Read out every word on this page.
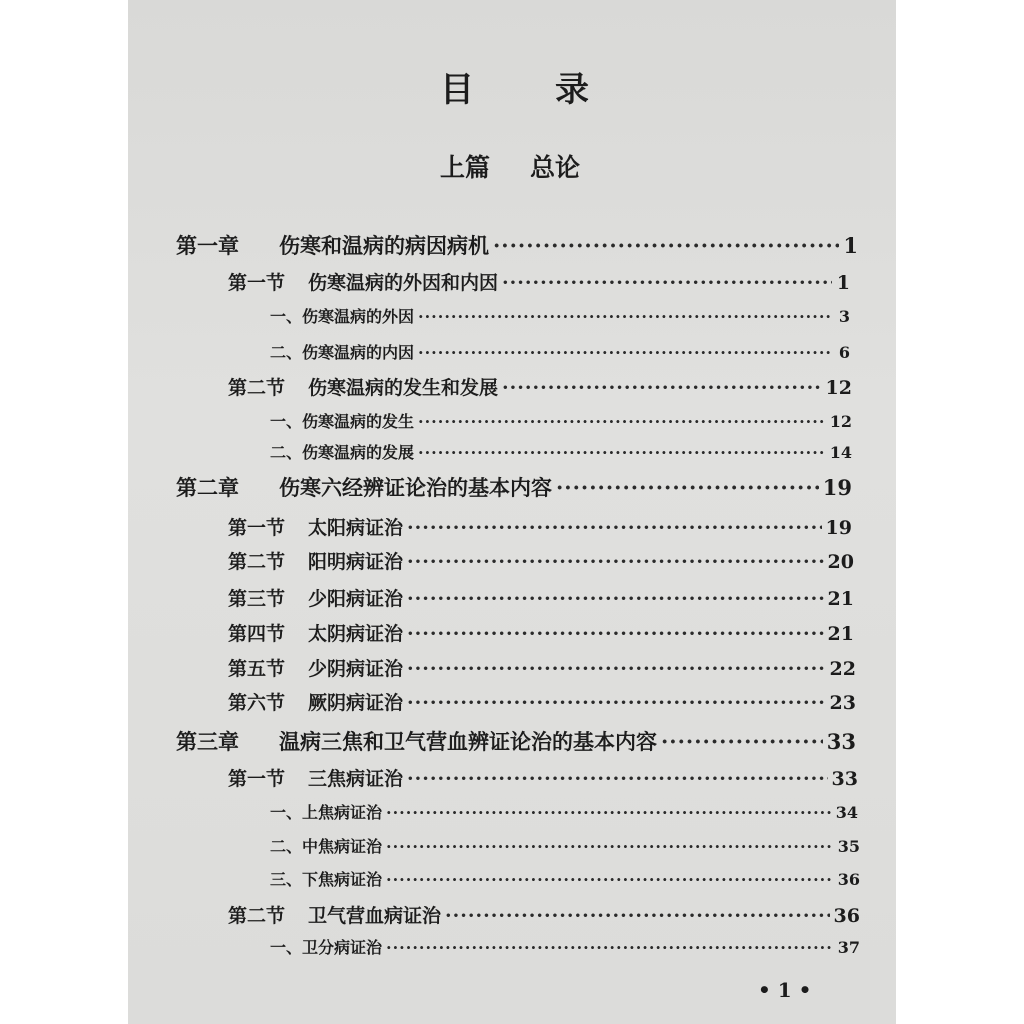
目 录
上篇 总论
第一章 伤寒和温病的病因病机 ·····	1
第一节 伤寒温病的外因和内因 ·····	1
一、伤寒温病的外因 ·····	3
二、伤寒温病的内因 ·····	6
第二节 伤寒温病的发生和发展 ·····	12
一、伤寒温病的发生 ·····	12
二、伤寒温病的发展 ·····	14
第二章 伤寒六经辨证论治的基本内容 ·····	19
第一节 太阳病证治 ·····	19
第二节 阳明病证治 ·····	20
第三节 少阳病证治 ·····	21
第四节 太阴病证治 ·····	21
第五节 少阴病证治 ·····	22
第六节 厥阴病证治 ·····	23
第三章 温病三焦和卫气营血辨证论治的基本内容 ·····	33
第一节 三焦病证治 ·····	33
一、上焦病证治 ·····	34
二、中焦病证治 ·····	35
三、下焦病证治 ·····	36
第二节 卫气营血病证治 ·····	36
一、卫分病证治 ·····	37
• 1 •
